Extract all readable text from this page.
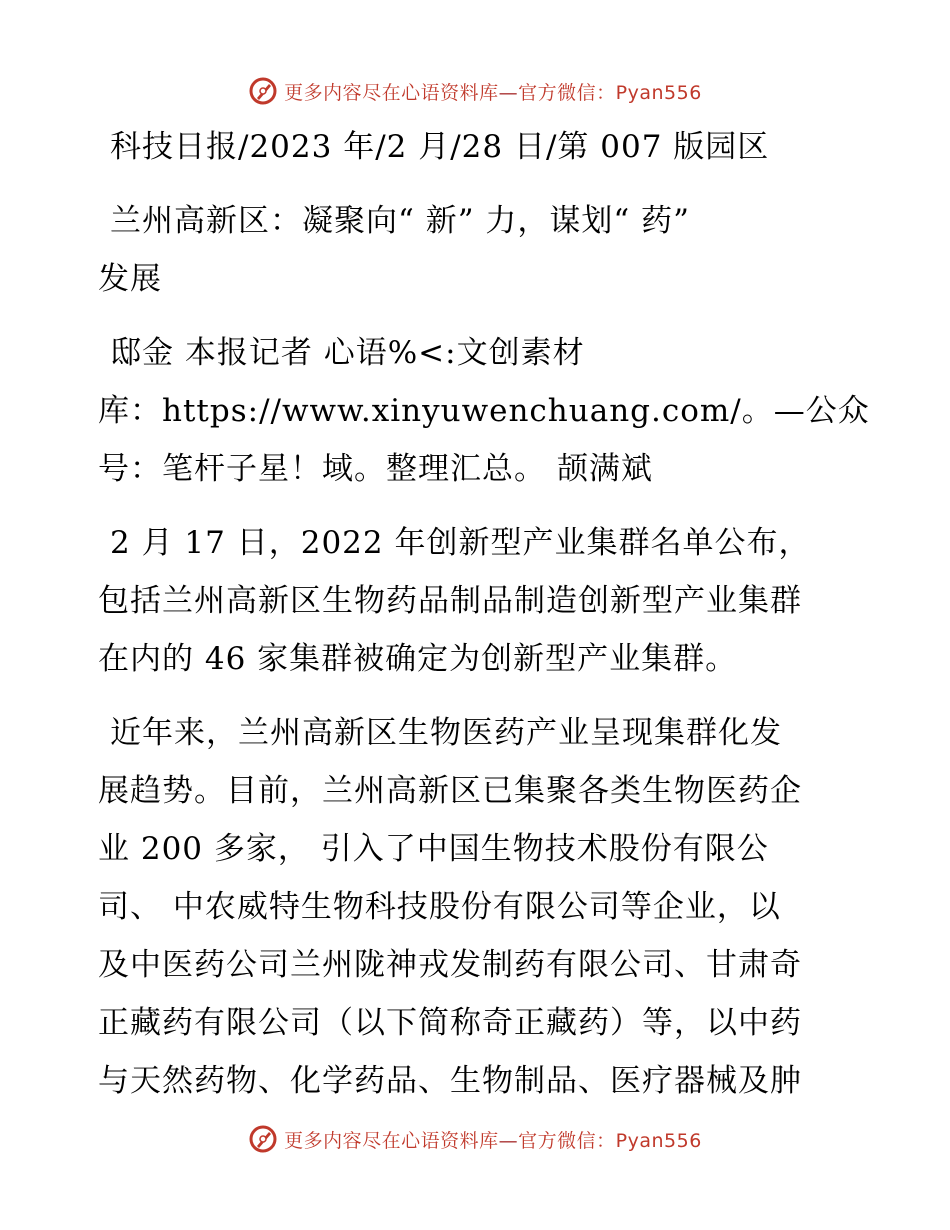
更多内容尽在心语资料库—官方微信：Pyan556
科技日报/2023 年/2 月/28 日/第 007 版园区
兰州高新区：凝聚向“ 新” 力，谋划“ 药”
发展
邸金 本报记者 心语%<:文创素材
库：https://www.xinyuwenchuang.com/。—公众
号：笔杆子星！域。整理汇总。 颉满斌
2 月 17 日，2022 年创新型产业集群名单公布，
包括兰州高新区生物药品制品制造创新型产业集群
在内的 46 家集群被确定为创新型产业集群。
近年来，兰州高新区生物医药产业呈现集群化发
展趋势。目前，兰州高新区已集聚各类生物医药企
业 200 多家， 引入了中国生物技术股份有限公
司、 中农威特生物科技股份有限公司等企业，以
及中医药公司兰州陇神戎发制药有限公司、甘肃奇
正藏药有限公司（以下简称奇正藏药）等，以中药
与天然药物、化学药品、生物制品、医疗器械及肿
更多内容尽在心语资料库—官方微信：Pyan556
